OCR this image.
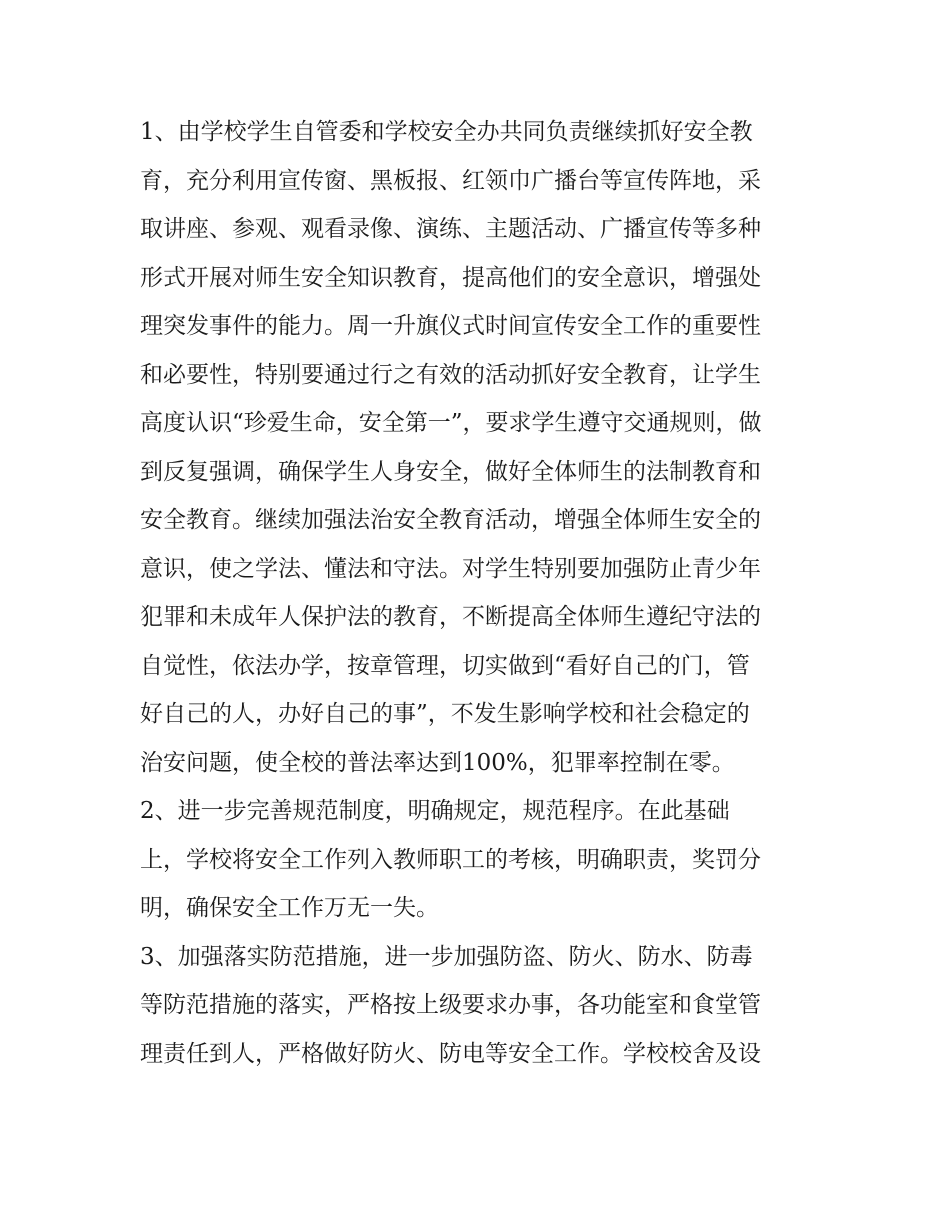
1、由学校学生自管委和学校安全办共同负责继续抓好安全教
育，充分利用宣传窗、黑板报、红领巾广播台等宣传阵地，采
取讲座、参观、观看录像、演练、主题活动、广播宣传等多种
形式开展对师生安全知识教育，提高他们的安全意识，增强处
理突发事件的能力。周一升旗仪式时间宣传安全工作的重要性
和必要性，特别要通过行之有效的活动抓好安全教育，让学生
高度认识“珍爱生命，安全第一”，要求学生遵守交通规则，做
到反复强调，确保学生人身安全，做好全体师生的法制教育和
安全教育。继续加强法治安全教育活动，增强全体师生安全的
意识，使之学法、懂法和守法。对学生特别要加强防止青少年
犯罪和未成年人保护法的教育，不断提高全体师生遵纪守法的
自觉性，依法办学，按章管理，切实做到“看好自己的门，管
好自己的人，办好自己的事”，不发生影响学校和社会稳定的
治安问题，使全校的普法率达到100%，犯罪率控制在零。

2、进一步完善规范制度，明确规定，规范程序。在此基础
上，学校将安全工作列入教师职工的考核，明确职责，奖罚分
明，确保安全工作万无一失。

3、加强落实防范措施，进一步加强防盗、防火、防水、防毒
等防范措施的落实，严格按上级要求办事，各功能室和食堂管
理责任到人，严格做好防火、防电等安全工作。学校校舍及设
